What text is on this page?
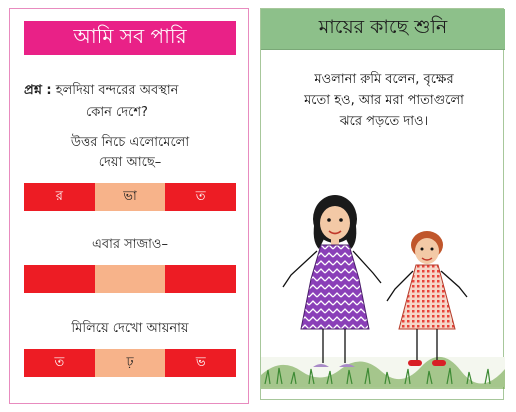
আমি সব পারি
প্রশ্ন : হলদিয়া বন্দরের অবস্থান
কোন দেশে?
উত্তর নিচে এলোমেলো
দেয়া আছে–
র	ভা	ত
এবার সাজাও–
মিলিয়ে দেখো আয়নায়
ত	ঢ়	ভ
মায়ের কাছে শুনি
মওলানা রুমি বলেন, বৃক্ষের
মতো হও, আর মরা পাতাগুলো
ঝরে পড়তে দাও।
